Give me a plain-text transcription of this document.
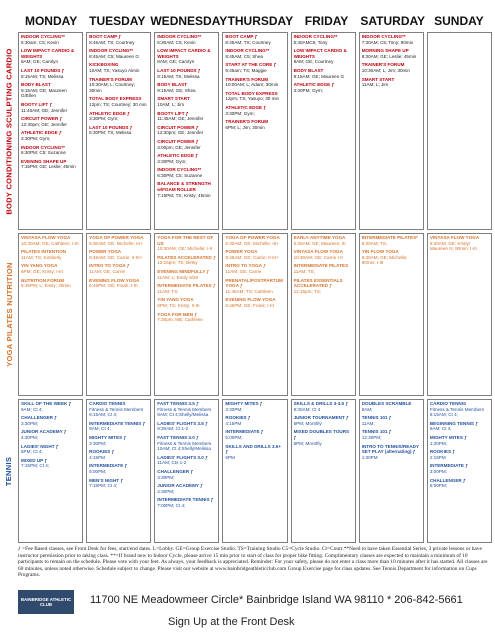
MONDAY TUESDAY WEDNESDAY THURSDAY FRIDAY	SATURDAY SUNDAY
BODY CONDITIONING SCULPTING CARDIO
INDOOR CYCLING**
5:30am; C5; Kevin
LOW IMPACT CARDIO & WEIGHTS
8AM; GE; Carolyn
LAST 10 POUNDS ƒ
8:15AM; TS; Melissa
BODY BLAST
9:15AM; GE; Maureen G/Ellen
BOOTY LIFT ƒ
11:45AM; GE; Jennifer
CIRCUIT POWER ƒ
12:30pm; GE; Jennifer
ATHLETIC EDGE ƒ
3:30PM; Gym;
INDOOR CYCLING**
6:30PM; C5; Suzanne
EVENING SHAPE UP
7:15PM; GE; Leslie; 45min
BOOT CAMP ƒ
8:45AM; TS; Courtney
INDOOR CYCLING**
8:45AM; C5; Maureen G
KICKBOXING
10AM; TS; Yasuyo Aimin
TRAINER'S FORUM
10:30AM; L; Courtney; 30min
TOTAL BODY EXPRESS
12pm; TS; Courtney; 30 min
ATHLETIC EDGE ƒ
3:30PM; Gym;
LAST 10 POUNDS ƒ
5:30PM; TS; Melissa
INDOOR CYCLING**
5:30AM; C5; Kevin
LOW IMPACT CARDIO & WEIGHTS
8AM; GE; Carolyn
LAST 10 POUNDS ƒ
8:15AM; TS; Melissa
BODY BLAST
9:15AM; GE; Shea
SMART START
10AM; L; Jim
BOOTY LIFT ƒ
11:45AM; GE; Jennifer
CIRCUIT POWER ƒ
12:30pm; GE; Jennifer
CIRCUIT POWER ƒ
3:00pm; GE; Jennifer
ATHLETIC EDGE ƒ
3:30PM; Gym;
INDOOR CYCLING**
6:30PM; C5; Suzanne
BALANCE & STRENGTH w/FOAM ROLLER
7:15PM; TS; Kristy; 45min
BOOT CAMP ƒ
8:45AM; TS; Courtney
INDOOR CYCLING**
8:45AM; C5; Shea
START AT THE CORE ƒ
9:45am; TS; Maggie
TRAINER'S FORUM
10:00AM; L; Adam; 30min
TOTAL BODY EXPRESS
12pm; TS; Yasuyo; 30 min
ATHLETIC EDGE ƒ
3:30PM; Gym;
TRAINER'S FORUM
6PM; L; Jim; 30min
INDOOR CYCLING**
5:30AMC5; Tony
LOW IMPACT CARDIO & WEIGHTS
8AM; GE; Courtney
BODY BLAST
9:15AM; GE; Maureen G
ATHLETIC EDGE ƒ
3:30PM; Gym;
INDOOR CYCLING**
7:30AM; C5; Tony; 90min
MORNING SHAPE UP
8:30AM; GE; Leslie; 45min
TRAINER'S FORUM
10:30AM; L; Jim; 30min
SMART START
11AM; L; Jim
YOGA PILATES NUTRITION
VINYASA FLOW YOGA
10:30AM; GE; Cathleen; I-III
PILATES INTENTION
11AM; TS; Kimberly
YIN YANG YOGA
6PM; GE; Kristy; I-III
NUTRITION FORUM
6:45PM; L; Emily; 30min
YOGA OF POWER YOGA
5:30AM; GE; Michelle; III+
POWER YOGA
9:45AM; GE; Carrie; II-III+
INTRO TO YOGA ƒ
11AM; GE; Carrie
EVENING FLOW YOGA
6:45PM; GE; Frank; I-III
YOGA FOR THE REST OF US
10:30AM; GE; Michelle; I-II
PILATES ACCELERATED ƒ
12:15pm; TS; Betsy
EVENING MINDFULLY ƒ
11AM; L; Emily 8/29
INTERMEDIATE PILATES ƒ
11AM; TS;
YIN YANG YOGA
6PM; TS; Kristy; II-III
YOGA FOR MEN ƒ
7:30pm; MB; Cathleen
YOGA OF POWER YOGA
5:30AM; GE; Michelle; III+
POWER YOGA
9:45AM; GE; Carrie; II-III+
INTRO TO YOGA ƒ
11AM; GE; Carrie
PRENATAL/POSTPARTUM YOGA ƒ
11:45AM; TS; Cathleen
EVENING FLOW YOGA
6:45PM; GE; Frank; I-III
EARLY-ANYTIME YOGA
5:30AM; GE; Maureen; III
VINYASA FLOW YOGA
10:30AM; GE; Carrie I-II
INTERMEDIATE PILATES
11AM; TS;
PILATES ESSENTIALS ACCELERATED ƒ
12:15pm; TS;
INTERMEDIATE PILATES*
8:30AM; TS;
YIN FLOW YOGA
8:30AM; GE; Michelle; 90min; I-III
VINYASA FLOW YOGA
9:30AM; GE; Kristy/ Maureen N; 90min; I-III
TENNIS
SKILL OF THE WEEK ƒ
9AM; Ct 4;
CHALLENGER ƒ
3:30PM;
JUNIOR ACADEMY ƒ
4:30PM;
LADIES' NIGHT ƒ
6PM; Ct 4;
MIXED UP ƒ
7:15PM; Ct 4;
CARDIO TENNIS
Fitness & Tennis Members 8:15AM; Ct 4;
INTERMEDIATE TENNIS ƒ
9AM; Ct 4;
MIGHTY MITES ƒ
3:30PM;
ROOKIES ƒ
4:15PM
INTERMEDIATE ƒ
5:00PM;
MEN'S NIGHT ƒ
7:15PM; Ct 4;
FAST TENNIS 3.5 ƒ
Fitness & Tennis Members 9AM; Ct 4;Shelly/Melissa
LADIES' FLIGHTS 3.5 ƒ
9:30AM; Ct 1-2
FAST TENNIS 3.0 ƒ
Fitness & Tennis Members 10AM; Ct 4;Shelly/Melissa
LADIES' FLIGHTS 3.0 ƒ
11AM; Cts 1-2
CHALLENGER ƒ
3:30PM;
JUNIOR ACADEMY ƒ
4:30PM;
INTERMEDIATE TENNIS ƒ
7:00PM; Ct 4;
MIGHTY MITES ƒ
3:30PM;
ROOKIES ƒ
4:15PM
INTERMEDIATE ƒ
5:00PM;
SKILLS AND DRILLS 3.5+ ƒ
6PM
SKILLS & DRILLS 3-3.5 ƒ
8:30AM; Ct 4
JUNIOR TOURNAMENT ƒ
6PM; Monthly
MIXED DOUBLES TOURS ƒ
6PM; Monthly
DOUBLES SCRAMBLE
8AM;
TENNIS 101 ƒ
11AM;
TENNIS 101 ƒ
12:30PM;
INTRO TO TENNIS/READY SET PLAY (alternating) ƒ
1:30PM
CARDIO TENNIS
Fitness & Tennis Members 8:15AM; Ct 4;
BEGINNING TENNIS ƒ
9AM; Ct 4;
MIGHTY MITES ƒ
1:30PM;
ROOKIES ƒ
2:15PM
INTERMEDIATE ƒ
3:00PM;
CHALLENGER ƒ
5:00PM;
ƒ =Fee Based classes, see Front Desk for fees, start/end dates. L=Lobby. GE=Group Exercise Studio. TS=Training Studio C5=Cycle Studio. Ct=Court.**Need to have taken Essential Series, 3 private lessons or have instructor permission prior to taking class. **=If brand new to Indoor Cycle, please arrive 15 min prior to start of class for proper bike fitting. Complimentary classes are expected to maintain a minimum of 10 participants to remain on the schedule. Please vote with your feet. As always, your feedback is appreciated. Reminder: For your safety, please do not enter a class more than 10 minutes after it has started. All classes are 60 minutes, unless noted otherwise. Schedule subject to change. Please visit our website at www.bainbridgeathleticclub.com Group Exercise page for class updates. See Tennis Department for information on Cups Programs.
BAINBRIDGE ATHLETIC CLUB	11700 NE Meadowmeer Circle* Bainbridge Island WA 98110 * 206-842-5661
Sign Up at the Front Desk
